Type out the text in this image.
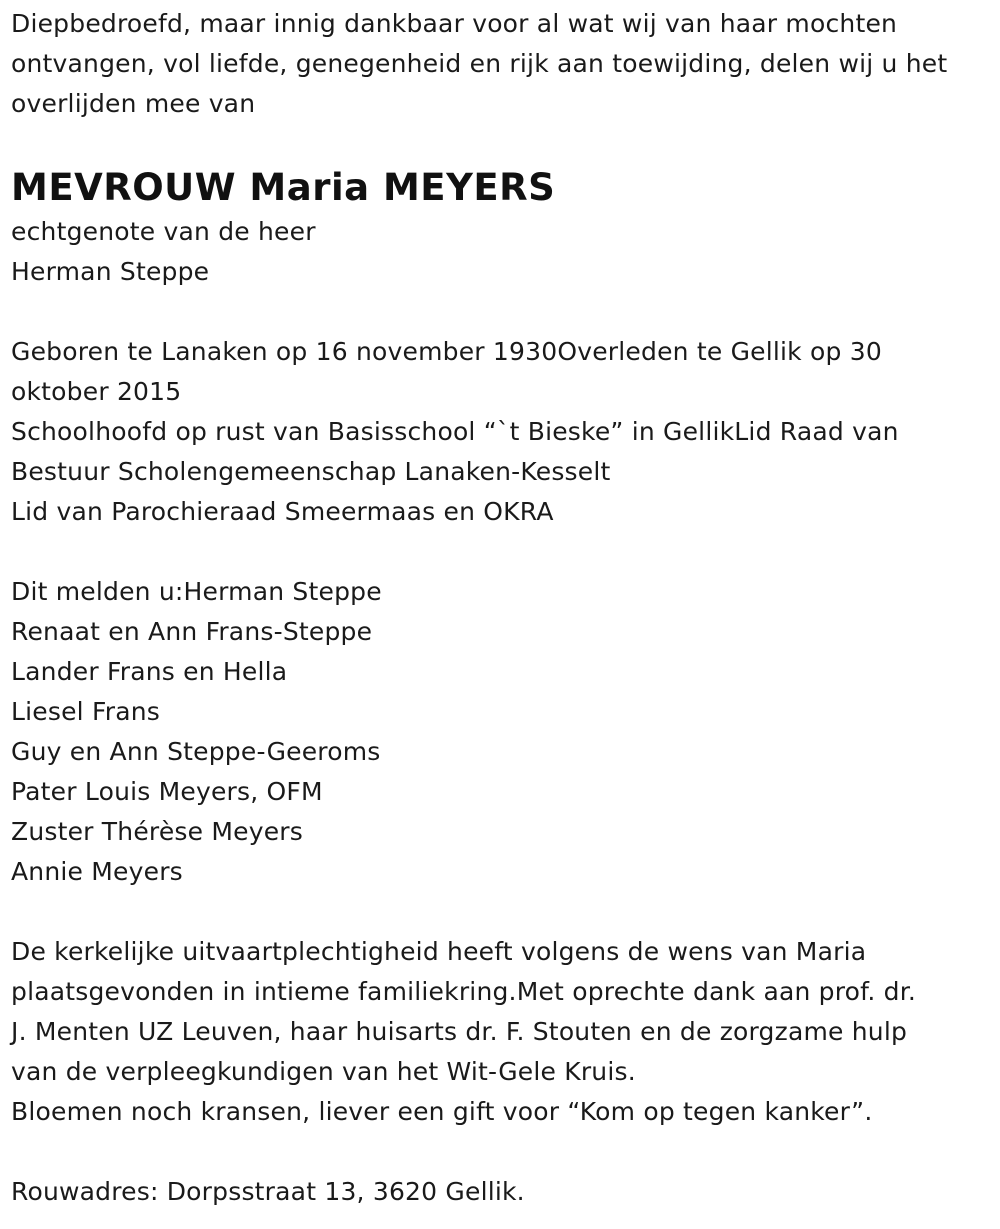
Diepbedroefd, maar innig dankbaar voor al wat wij van haar mochten
ontvangen, vol liefde, genegenheid en rijk aan toewijding, delen wij u het
overlijden mee van
MEVROUW Maria MEYERS
echtgenote van de heer
Herman Steppe
Geboren te Lanaken op 16 november 1930Overleden te Gellik op 30
oktober 2015
Schoolhoofd op rust van Basisschool “`t Bieske” in GellikLid Raad van
Bestuur Scholengemeenschap Lanaken-Kesselt
Lid van Parochieraad Smeermaas en OKRA
Dit melden u:Herman Steppe
Renaat en Ann Frans-Steppe
Lander Frans en Hella
Liesel Frans
Guy en Ann Steppe-Geeroms
Pater Louis Meyers, OFM
Zuster Thérèse Meyers
Annie Meyers
De kerkelijke uitvaartplechtigheid heeft volgens de wens van Maria
plaatsgevonden in intieme familiekring.Met oprechte dank aan prof. dr.
J. Menten UZ Leuven, haar huisarts dr. F. Stouten en de zorgzame hulp
van de verpleegkundigen van het Wit-Gele Kruis.
Bloemen noch kransen, liever een gift voor “Kom op tegen kanker”.
Rouwadres: Dorpsstraat 13, 3620 Gellik.
